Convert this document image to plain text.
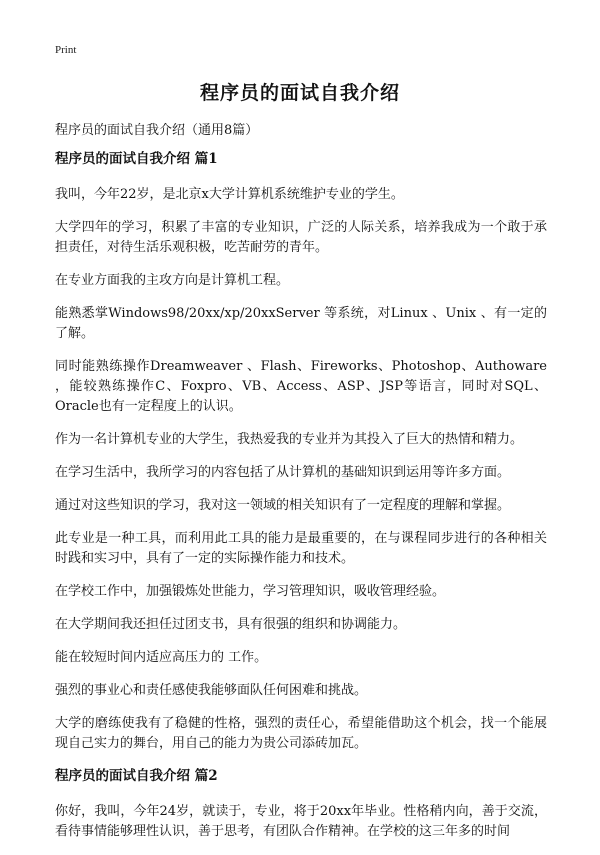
Print
程序员的面试自我介绍
程序员的面试自我介绍（通用8篇）
程序员的面试自我介绍 篇1

我叫，今年22岁，是北京x大学计算机系统维护专业的学生。

大学四年的学习，积累了丰富的专业知识，广泛的人际关系，培养我成为一个敢于承担责任，对待生活乐观积极，吃苦耐劳的青年。

在专业方面我的主攻方向是计算机工程。

能熟悉掌Windows98/20xx/xp/20xxServer 等系统，对Linux 、Unix 、有一定的了解。

同时能熟练操作Dreamweaver 、Flash、Fireworks、Photoshop、Authoware ，能较熟练操作C、Foxpro、VB、Access、ASP、JSP等语言，同时对SQL、Oracle也有一定程度上的认识。

作为一名计算机专业的大学生，我热爱我的专业并为其投入了巨大的热情和精力。

在学习生活中，我所学习的内容包括了从计算机的基础知识到运用等许多方面。

通过对这些知识的学习，我对这一领域的相关知识有了一定程度的理解和掌握。

此专业是一种工具，而利用此工具的能力是最重要的，在与课程同步进行的各种相关时践和实习中，具有了一定的实际操作能力和技术。

在学校工作中，加强锻炼处世能力，学习管理知识，吸收管理经验。

在大学期间我还担任过团支书，具有很强的组织和协调能力。

能在较短时间内适应高压力的 工作。

强烈的事业心和责任感使我能够面队任何困难和挑战。

大学的磨练使我有了稳健的性格，强烈的责任心，希望能借助这个机会，找一个能展现自己实力的舞台，用自己的能力为贵公司添砖加瓦。

程序员的面试自我介绍 篇2

你好，我叫，今年24岁，就读于，专业，将于20xx年毕业。性格稍内向，善于交流，看待事情能够理性认识，善于思考，有团队合作精神。在学校的这三年多的时间
